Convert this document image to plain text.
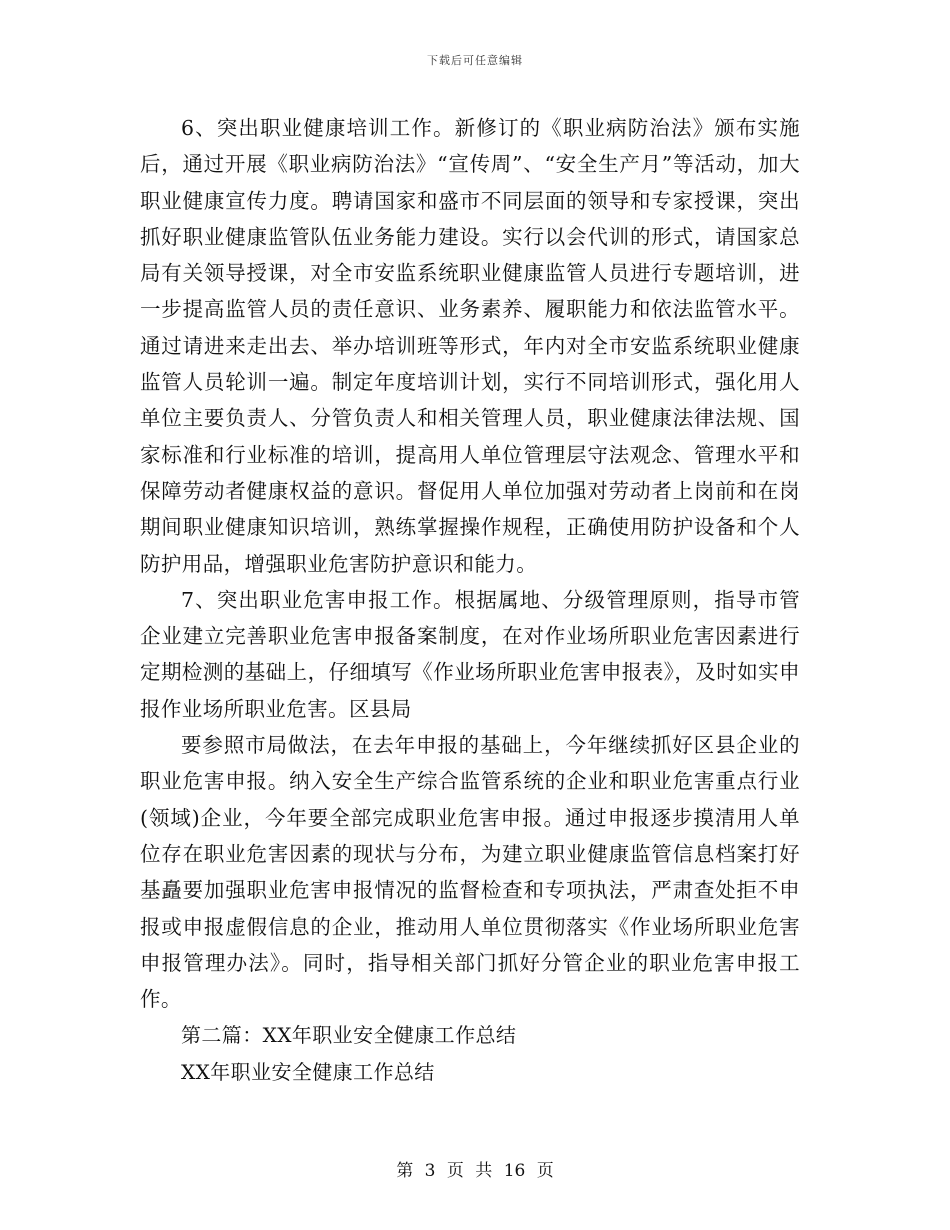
下载后可任意编辑

6、突出职业健康培训工作。新修订的《职业病防治法》颁布实施后，通过开展《职业病防治法》“宣传周”、“安全生产月”等活动，加大职业健康宣传力度。聘请国家和盛市不同层面的领导和专家授课，突出抓好职业健康监管队伍业务能力建设。实行以会代训的形式，请国家总局有关领导授课，对全市安监系统职业健康监管人员进行专题培训，进一步提高监管人员的责任意识、业务素养、履职能力和依法监管水平。通过请进来走出去、举办培训班等形式，年内对全市安监系统职业健康监管人员轮训一遍。制定年度培训计划，实行不同培训形式，强化用人单位主要负责人、分管负责人和相关管理人员，职业健康法律法规、国家标准和行业标准的培训，提高用人单位管理层守法观念、管理水平和保障劳动者健康权益的意识。督促用人单位加强对劳动者上岗前和在岗期间职业健康知识培训，熟练掌握操作规程，正确使用防护设备和个人防护用品，增强职业危害防护意识和能力。

7、突出职业危害申报工作。根据属地、分级管理原则，指导市管企业建立完善职业危害申报备案制度，在对作业场所职业危害因素进行定期检测的基础上，仔细填写《作业场所职业危害申报表》，及时如实申报作业场所职业危害。区县局

要参照市局做法，在去年申报的基础上，今年继续抓好区县企业的职业危害申报。纳入安全生产综合监管系统的企业和职业危害重点行业(领域)企业，今年要全部完成职业危害申报。通过申报逐步摸清用人单位存在职业危害因素的现状与分布，为建立职业健康监管信息档案打好基矗要加强职业危害申报情况的监督检查和专项执法，严肃查处拒不申报或申报虚假信息的企业，推动用人单位贯彻落实《作业场所职业危害申报管理办法》。同时，指导相关部门抓好分管企业的职业危害申报工作。

第二篇：XX年职业安全健康工作总结

XX年职业安全健康工作总结

第 3 页 共 16 页
